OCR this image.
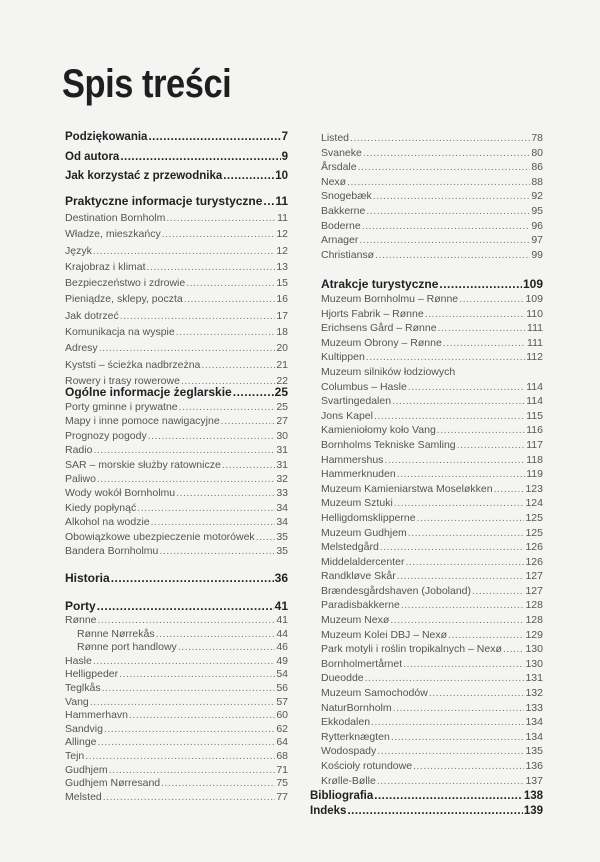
Spis treści
Podziękowania .....	7
Od autora .....	9
Jak korzystać z przewodnika .....	10
Praktyczne informacje turystyczne ..... 11
Destination Bornholm .....	11
Władze, mieszkańcy .....	12
Język .....	12
Krajobraz i klimat .....	13
Bezpieczeństwo i zdrowie .....	15
Pieniądze, sklepy, poczta .....	16
Jak dotrzeć .....	17
Komunikacja na wyspie .....	18
Adresy .....	20
Kyststi – ścieżka nadbrzeżna .....	21
Rowery i trasy rowerowe .....	22
Ogólne informacje żeglarskie .....	25
Porty gminne i prywatne .....	25
Mapy i inne pomoce nawigacyjne .....	27
Prognozy pogody .....	30
Radio .....	31
SAR – morskie służby ratownicze .....	31
Paliwo .....	32
Wody wokół Bornholmu .....	33
Kiedy popłynąć .....	34
Alkohol na wodzie .....	34
Obowiązkowe ubezpieczenie motorówek ..... 35
Bandera Bornholmu .....	35
Historia .....	36
Porty .....	41
Rønne .....	41
Rønne Nørrekås .....	44
Rønne port handlowy .....	46
Hasle .....	49
Helligpeder .....	54
Teglkås .....	56
Vang .....	57
Hammerhavn .....	60
Sandvig .....	62
Allinge .....	64
Tejn .....	68
Gudhjem .....	71
Gudhjem Nørresand .....	75
Melsted .....	77
Listed .....	78
Svaneke .....	80
Årsdale .....	86
Nexø .....	88
Snogebæk .....	92
Bakkerne .....	95
Boderne .....	96
Arnager .....	97
Christiansø .....	99
Atrakcje turystyczne .....	109
Muzeum Bornholmu – Rønne .....	109
Hjorts Fabrik – Rønne .....	110
Erichsens Gård – Rønne .....	111
Muzeum Obrony – Rønne .....	111
Kultippen .....	112
Muzeum silników łodziowych
Columbus – Hasle .....	114
Svartingedalen .....	114
Jons Kapel .....	115
Kamieniołomy koło Vang .....	116
Bornholms Tekniske Samling .....	117
Hammershus .....	118
Hammerknuden .....	119
Muzeum Kamieniarstwa Moseløkken .....	123
Muzeum Sztuki .....	124
Helligdomsklipperne .....	125
Muzeum Gudhjem .....	125
Melstedgård .....	126
Middelaldercenter .....	126
Randkløve Skår .....	127
Brændesgårdshaven (Joboland) .....	127
Paradisbakkerne .....	128
Muzeum Nexø .....	128
Muzeum Kolei DBJ – Nexø .....	129
Park motyli i roślin tropikalnych – Nexø ..... 130
Bornholmertårnet .....	130
Dueodde .....	131
Muzeum Samochodów .....	132
NaturBornholm .....	133
Ekkodalen .....	134
Rytterknægten .....	134
Wodospady .....	135
Kościoły rotundowe .....	136
Krølle-Bølle .....	137
Bibliografia .....	138
Indeks .....	139
